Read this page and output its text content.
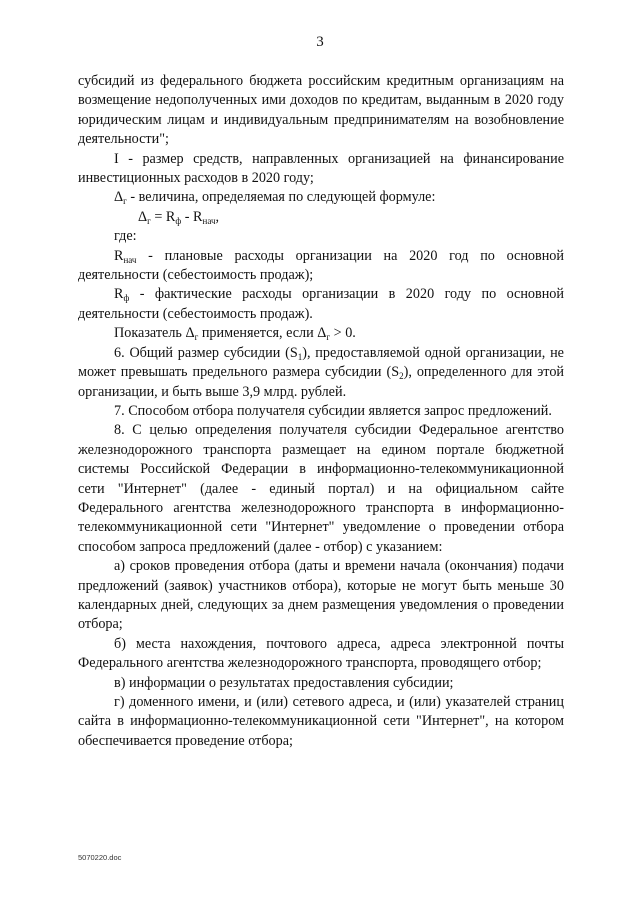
3

субсидий из федерального бюджета российским кредитным организациям на возмещение недополученных ими доходов по кредитам, выданным в 2020 году юридическим лицам и индивидуальным предпринимателям на возобновление деятельности";

I - размер средств, направленных организацией на финансирование инвестиционных расходов в 2020 году;

$\Delta_г$ - величина, определяемая по следующей формуле:

$\Delta_г = R_ф - R_{нач}$,

где:

$R_{нач}$ - плановые расходы организации на 2020 год по основной деятельности (себестоимость продаж);

$R_ф$ - фактические расходы организации в 2020 году по основной деятельности (себестоимость продаж).

Показатель $\Delta_г$ применяется, если $\Delta_г > 0$.

6. Общий размер субсидии $(S_1)$, предоставляемой одной организации, не может превышать предельного размера субсидии $(S_2)$, определенного для этой организации, и быть выше 3,9 млрд. рублей.

7. Способом отбора получателя субсидии является запрос предложений.

8. С целью определения получателя субсидии Федеральное агентство железнодорожного транспорта размещает на едином портале бюджетной системы Российской Федерации в информационно-телекоммуникационной сети "Интернет" (далее - единый портал) и на официальном сайте Федерального агентства железнодорожного транспорта в информационно-телекоммуникационной сети "Интернет" уведомление о проведении отбора способом запроса предложений (далее - отбор) с указанием:

а) сроков проведения отбора (даты и времени начала (окончания) подачи предложений (заявок) участников отбора), которые не могут быть меньше 30 календарных дней, следующих за днем размещения уведомления о проведении отбора;

б) места нахождения, почтового адреса, адреса электронной почты Федерального агентства железнодорожного транспорта, проводящего отбор;

в) информации о результатах предоставления субсидии;

г) доменного имени, и (или) сетевого адреса, и (или) указателей страниц сайта в информационно-телекоммуникационной сети "Интернет", на котором обеспечивается проведение отбора;

5070220.doc
